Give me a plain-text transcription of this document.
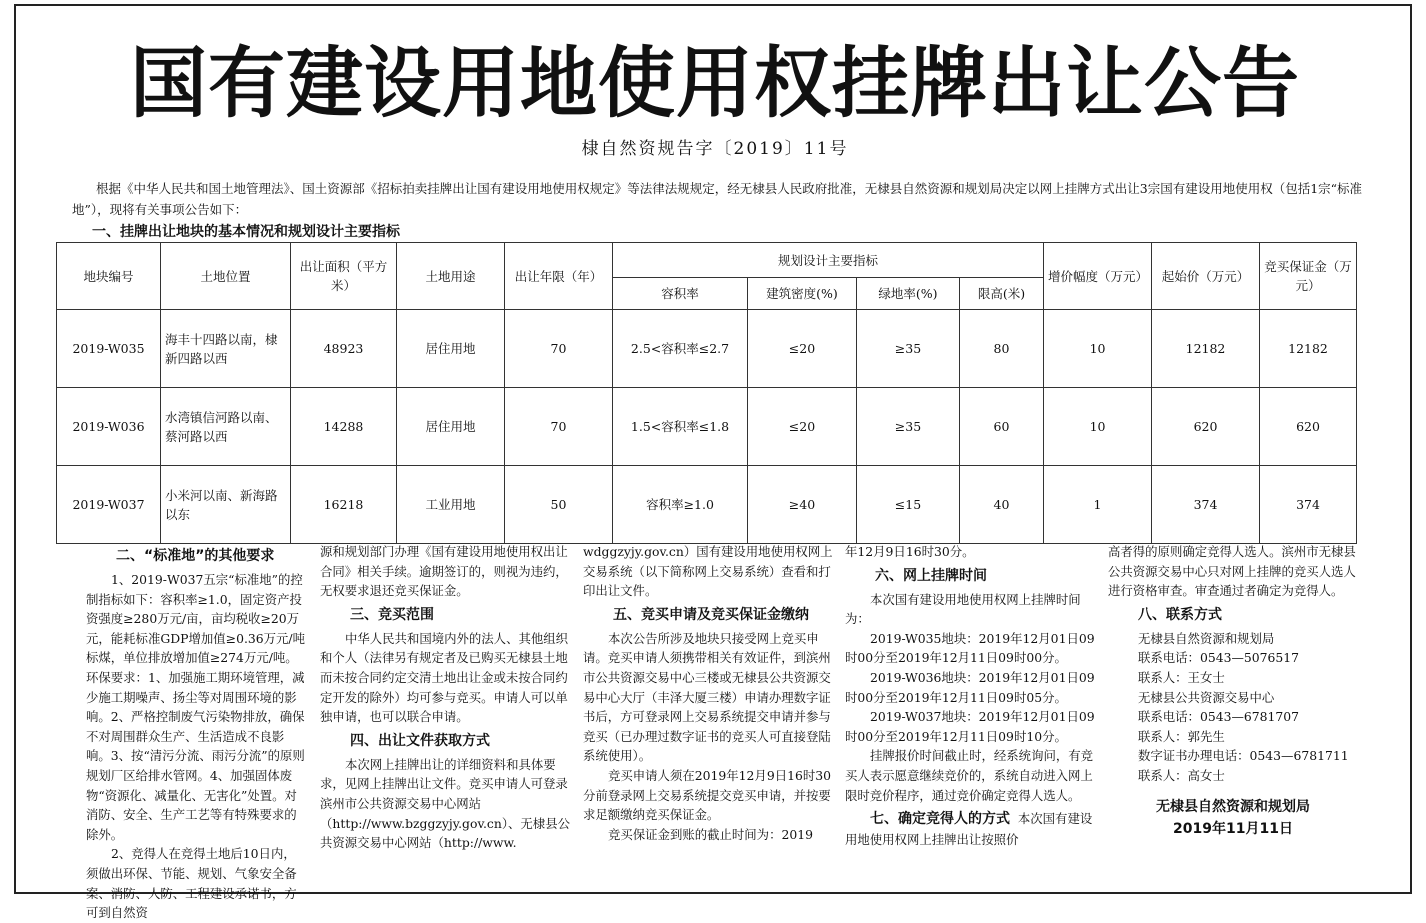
国有建设用地使用权挂牌出让公告
棣自然资规告字〔2019〕11号

根据《中华人民共和国土地管理法》、国土资源部《招标拍卖挂牌出让国有建设用地使用权规定》等法律法规规定，经无棣县人民政府批准，无棣县自然资源和规划局决定以网上挂牌方式出让3宗国有建设用地使用权（包括1宗“标准地”），现将有关事项公告如下：

一、挂牌出让地块的基本情况和规划设计主要指标
地块编号	土地位置	出让面积（平方米）	土地用途	出让年限（年）	规划设计主要指标				增价幅度（万元）	起始价（万元）	竞买保证金（万元）
					容积率	建筑密度(%)	绿地率(%)	限高(米)			
2019-W035	海丰十四路以南，棣新四路以西	48923	居住用地	70	2.5<容积率≤2.7	≤20	≥35	80	10	12182	12182
2019-W036	水湾镇信河路以南、蔡河路以西	14288	居住用地	70	1.5<容积率≤1.8	≤20	≥35	60	10	620	620
2019-W037	小米河以南、新海路以东	16218	工业用地	50	容积率≥1.0	≥40	≤15	40	1	374	374

二、“标准地”的其他要求

1、2019-W037五宗“标准地”的控制指标如下：容积率≥1.0，固定资产投资强度≥280万元/亩，亩均税收≥20万元，能耗标准GDP增加值≥0.36万元/吨标煤，单位排放增加值≥274万元/吨。环保要求：1、加强施工期环境管理，减少施工期噪声、扬尘等对周围环境的影响。2、严格控制废气污染物排放，确保不对周围群众生产、生活造成不良影响。3、按“清污分流、雨污分流”的原则规划厂区给排水管网。4、加强固体废物“资源化、减量化、无害化”处置。对消防、安全、生产工艺等有特殊要求的除外。

2、竞得人在竞得土地后10日内，须做出环保、节能、规划、气象安全备案、消防、人防、工程建设承诺书，方可到自然资

源和规划部门办理《国有建设用地使用权出让合同》相关手续。逾期签订的，则视为违约，无权要求退还竞买保证金。

三、竞买范围

中华人民共和国境内外的法人、其他组织和个人（法律另有规定者及已购买无棣县土地而未按合同约定交清土地出让金或未按合同约定开发的除外）均可参与竞买。申请人可以单独申请，也可以联合申请。

四、出让文件获取方式

本次网上挂牌出让的详细资料和具体要求，见网上挂牌出让文件。竞买申请人可登录滨州市公共资源交易中心网站（http://www.bzggzyjy.gov.cn）、无棣县公共资源交易中心网站（http://www.

wdggzyjy.gov.cn）国有建设用地使用权网上交易系统（以下简称网上交易系统）查看和打印出让文件。

五、竞买申请及竞买保证金缴纳

本次公告所涉及地块只接受网上竞买申请。竞买申请人须携带相关有效证件，到滨州市公共资源交易中心三楼或无棣县公共资源交易中心大厅（丰泽大厦三楼）申请办理数字证书后，方可登录网上交易系统提交申请并参与竞买（已办理过数字证书的竞买人可直接登陆系统使用）。

竞买申请人须在2019年12月9日16时30分前登录网上交易系统提交竞买申请，并按要求足额缴纳竞买保证金。

竞买保证金到账的截止时间为：2019

年12月9日16时30分。

六、网上挂牌时间

本次国有建设用地使用权网上挂牌时间为：

2019-W035地块：2019年12月01日09时00分至2019年12月11日09时00分。

2019-W036地块：2019年12月01日09时00分至2019年12月11日09时05分。

2019-W037地块：2019年12月01日09时00分至2019年12月11日09时10分。

挂牌报价时间截止时，经系统询问，有竞买人表示愿意继续竞价的，系统自动进入网上限时竞价程序，通过竞价确定竞得人选人。

七、确定竞得人的方式 本次国有建设用地使用权网上挂牌出让按照价

高者得的原则确定竞得人选人。滨州市无棣县公共资源交易中心只对网上挂牌的竞买人选人进行资格审查。审查通过者确定为竞得人。

八、联系方式

无棣县自然资源和规划局

联系电话：0543—5076517

联系人：王女士

无棣县公共资源交易中心

联系电话：0543—6781707

联系人：郭先生

数字证书办理电话：0543—6781711

联系人：高女士

无棣县自然资源和规划局
2019年11月11日
